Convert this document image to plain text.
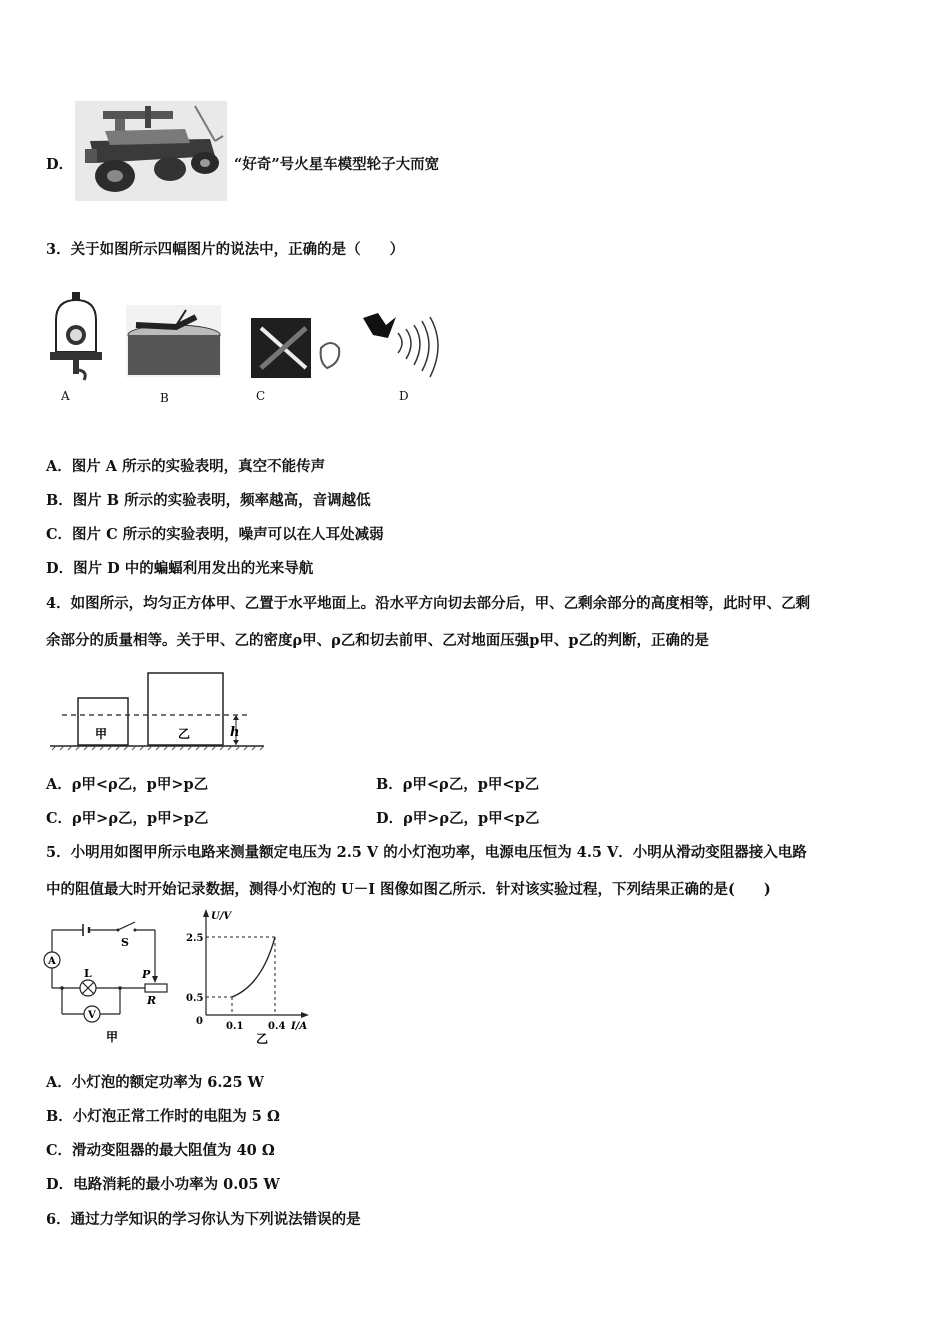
D．	“好奇”号火星车模型轮子大而宽
3．关于如图所示四幅图片的说法中，正确的是（　　）
A	B	C	D
A．图片 A 所示的实验表明，真空不能传声
B．图片 B 所示的实验表明，频率越高，音调越低
C．图片 C 所示的实验表明，噪声可以在人耳处减弱
D．图片 D 中的蝙蝠利用发出的光来导航
4．如图所示，均匀正方体甲、乙置于水平地面上。沿水平方向切去部分后，甲、乙剩余部分的高度相等，此时甲、乙剩
余部分的质量相等。关于甲、乙的密度ρ甲、ρ乙和切去前甲、乙对地面压强p甲、p乙的判断，正确的是
甲	乙	h
A．ρ甲<ρ乙，p甲>p乙	B．ρ甲<ρ乙，p甲<p乙
C．ρ甲>ρ乙，p甲>p乙	D．ρ甲>ρ乙，p甲<p乙
5．小明用如图甲所示电路来测量额定电压为 2.5 V 的小灯泡功率，电源电压恒为 4.5 V．小明从滑动变阻器接入电路
中的阻值最大时开始记录数据，测得小灯泡的 U－I 图像如图乙所示．针对该实验过程，下列结果正确的是(　　)
A
V
S
L	P
R
甲
U/V
I/A
2.5
0.5
0 0.1 0.4
乙
A．小灯泡的额定功率为 6.25 W
B．小灯泡正常工作时的电阻为 5 Ω
C．滑动变阻器的最大阻值为 40 Ω
D．电路消耗的最小功率为 0.05 W
6．通过力学知识的学习你认为下列说法错误的是
